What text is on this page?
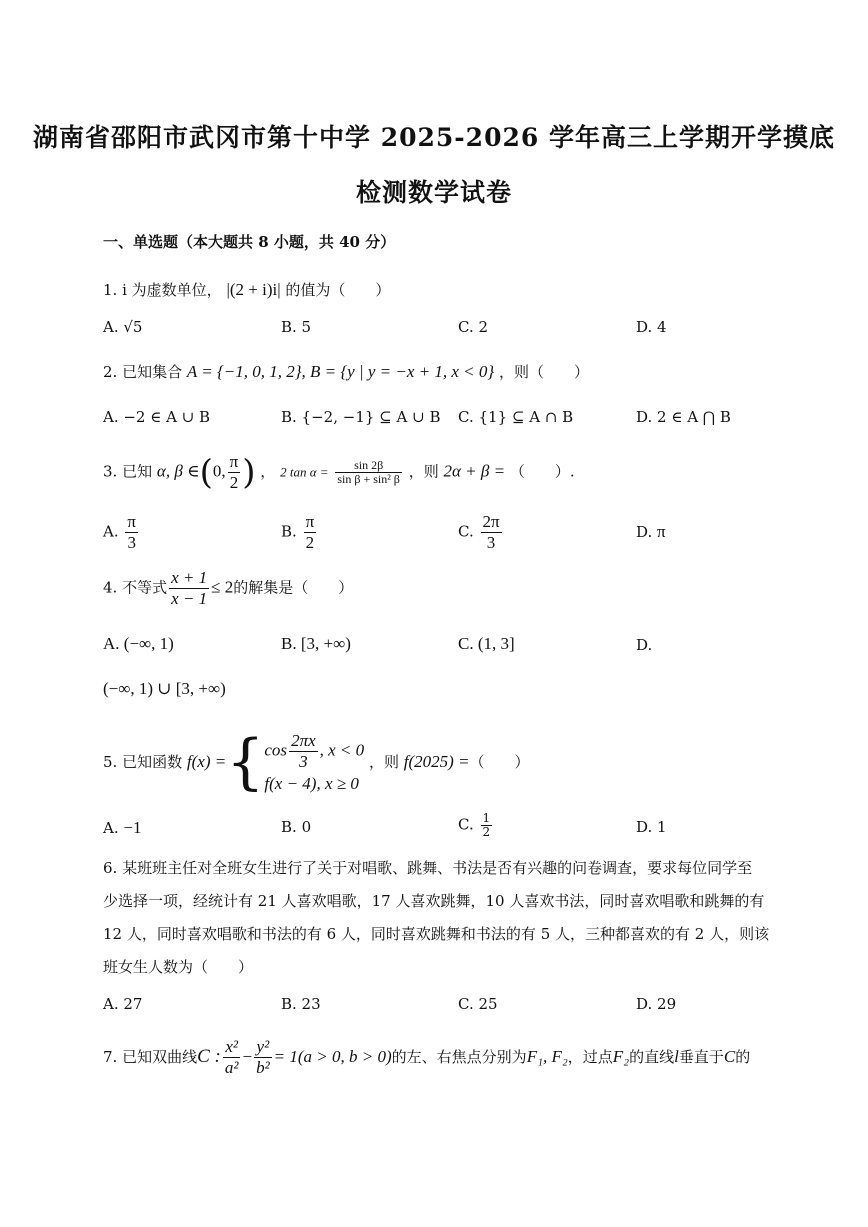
湖南省邵阳市武冈市第十中学 2025-2026 学年高三上学期开学摸底
检测数学试卷
一、单选题（本大题共 8 小题，共 40 分）
1. i 为虚数单位， |(2 + i)i| 的值为（　　）
A. √5	B. 5	C. 2	D. 4
2. 已知集合 A = {−1, 0, 1, 2}, B = {y | y = −x + 1, x < 0} ，则（　　）
A. −2 ∈ A ∪ B	B. {−2, −1} ⊆ A ∪ B C. {1} ⊆ A ∩ B	D. 2 ∈ A ⋂ B
3. 已知 α, β ∈(0, $\frac{\pi}{2}$ ) ， 2 $\tan \alpha = \frac{\sin 2\beta}{\text{sin β + sin² β}}$ ，则 2α + β = （　　）.
A. $\frac{\pi}{3}$	B. $\frac{\pi}{2}$	C. $\frac{2\pi}{3}$	D. π
4. 不等式 $\frac{x + 1}{x - 1} \le 2$的解集是（　　）
A. (−∞, 1)	B. [3, +∞)	C. (1, 3]	D.
(−∞, 1) ∪ [3, +∞)
5.
已知函数
f(x) = { $\cos \frac{2\pi x}{3}$ , x < 0
f(x − 4), x ≥ 0

，则
f(2025) = （　　）
A. −1	B. 0	C. $\frac{1}{2}$	D. 1
6. 某班班主任对全班女生进行了关于对唱歌、跳舞、书法是否有兴趣的问卷调查，要求每位同学至
少选择一项，经统计有 21 人喜欢唱歌，17 人喜欢跳舞，10 人喜欢书法，同时喜欢唱歌和跳舞的有
12 人，同时喜欢唱歌和书法的有 6 人，同时喜欢跳舞和书法的有 5 人，三种都喜欢的有 2 人，则该
班女生人数为（　　）
A. 27	B. 23	C. 25	D. 29
7.
已知双曲线 C : $\frac{\text{x²}}{\text{a²}} - \frac{\text{y²}}{\text{b²}} = 1(a > 0$, b > 0) 的左、右焦点分别为 F₁, F₂ ，过点 F₂ 的直线 l 垂直于 C 的
